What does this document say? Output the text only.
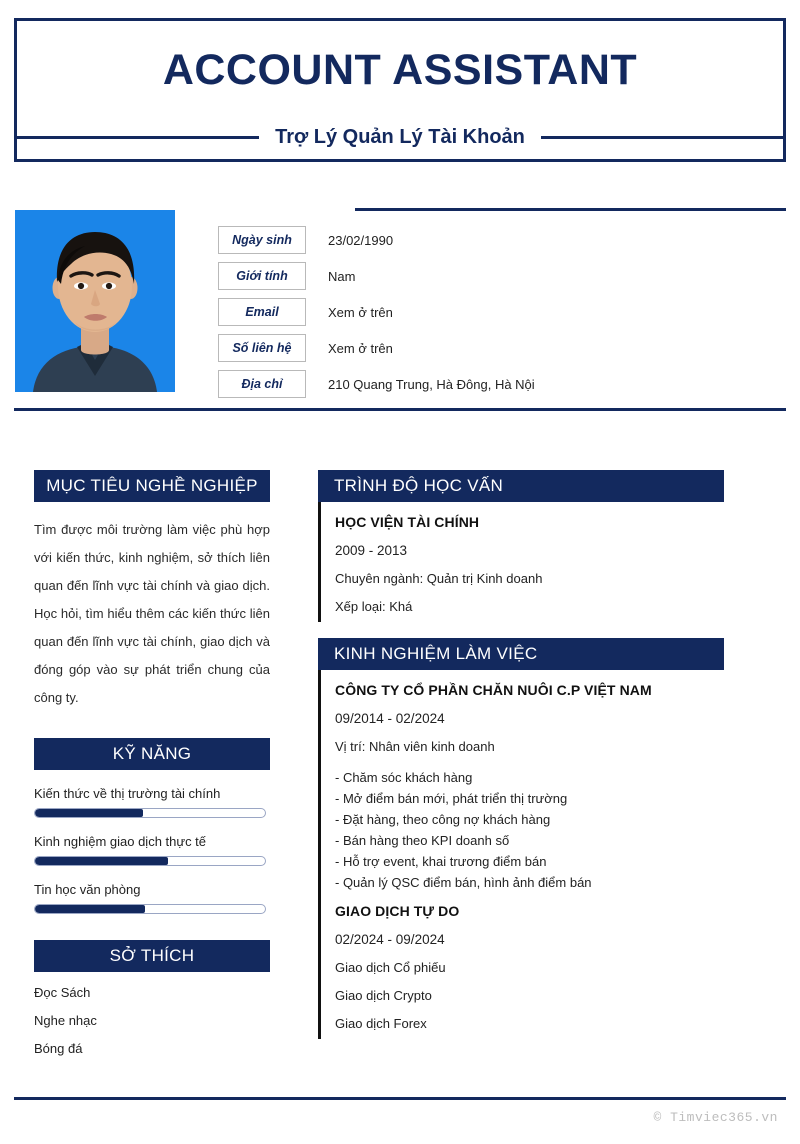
ACCOUNT ASSISTANT
Trợ Lý Quản Lý Tài Khoản
Ngày sinh	23/02/1990
Giới tính	Nam
Email	Xem ở trên
Số liên hệ	Xem ở trên
Địa chỉ	210 Quang Trung, Hà Đông, Hà Nội
MỤC TIÊU NGHỀ NGHIỆP
Tìm được môi trường làm việc phù hợp với kiến thức, kinh nghiệm, sở thích liên quan đến lĩnh vực tài chính và giao dịch. Học hỏi, tìm hiểu thêm các kiến thức liên quan đến lĩnh vực tài chính, giao dịch và đóng góp vào sự phát triển chung của công ty.
KỸ NĂNG
Kiến thức về thị trường tài chính
Kinh nghiệm giao dịch thực tế
Tin học văn phòng
SỞ THÍCH
Đọc Sách
Nghe nhạc
Bóng đá
TRÌNH ĐỘ HỌC VẤN
HỌC VIỆN TÀI CHÍNH
2009 - 2013
Chuyên ngành: Quản trị Kinh doanh
Xếp loại: Khá
KINH NGHIỆM LÀM VIỆC
CÔNG TY CỔ PHẦN CHĂN NUÔI C.P VIỆT NAM
09/2014 - 02/2024
Vị trí: Nhân viên kinh doanh
- Chăm sóc khách hàng
- Mở điểm bán mới, phát triển thị trường
- Đặt hàng, theo công nợ khách hàng
- Bán hàng theo KPI doanh số
- Hỗ trợ event, khai trương điểm bán
- Quản lý QSC điểm bán, hình ảnh điểm bán
GIAO DỊCH TỰ DO
02/2024 - 09/2024
Giao dịch Cổ phiếu
Giao dịch Crypto
Giao dịch Forex
© Timviec365.vn
